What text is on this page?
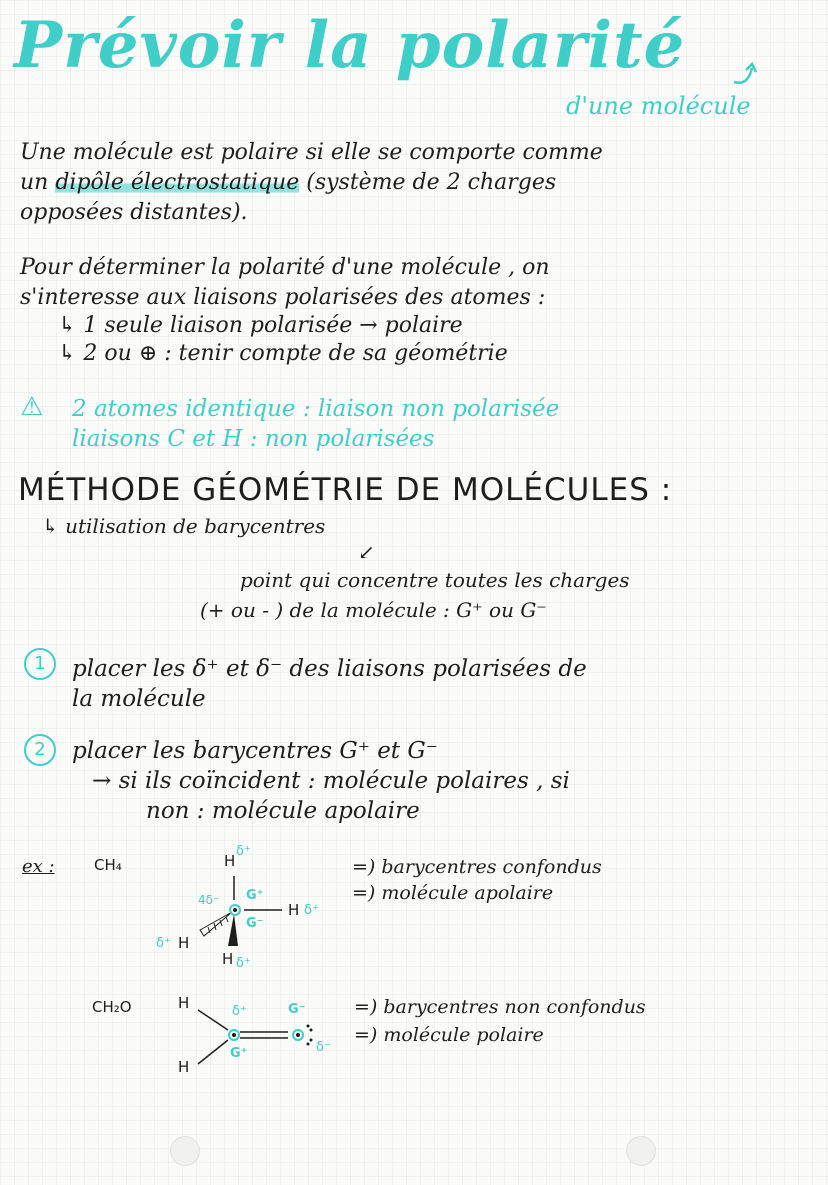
Prévoir la polarité
d'une molécule
Une molécule est polaire si elle se comporte comme
un dipôle électrostatique (système de 2 charges
opposées distantes).
Pour déterminer la polarité d'une molécule , on
s'interesse aux liaisons polarisées des atomes :
↳ 1 seule liaison polarisée → polaire
↳ 2 ou ⊕ : tenir compte de sa géométrie
⚠ 2 atomes identique : liaison non polarisée
liaisons C et H : non polarisées
MÉTHODE GÉOMÉTRIE DE MOLÉCULES :
↳ utilisation de barycentres
↙
point qui concentre toutes les charges
(+ ou - ) de la molécule : G⁺ ou G⁻
1	placer les δ⁺ et δ⁻ des liaisons polarisées de
la molécule
2	placer les barycentres G⁺ et G⁻
→ si ils coïncident : molécule polaires , si
non : molécule apolaire
ex :	CH₄	H
δ⁺
4δ⁻ G⁺
G⁻
H δ⁺
δ⁺ H
H δ⁺
=) barycentres confondus
=) molécule apolaire
CH₂O	H
H
δ⁺
G⁺
G⁻
δ⁻
=) barycentres non confondus
=) molécule polaire
